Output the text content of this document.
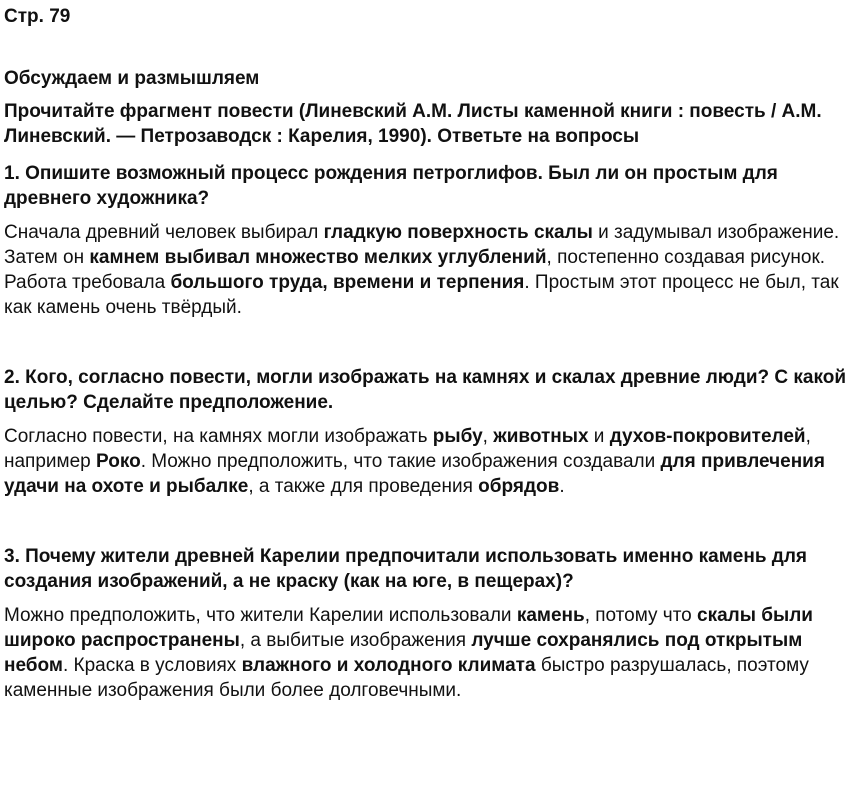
Стр. 79
Обсуждаем и размышляем
Прочитайте фрагмент повести (Линевский А.М. Листы каменной книги : повесть / А.М. Линевский. — Петрозаводск : Карелия, 1990). Ответьте на вопросы
1. Опишите возможный процесс рождения петроглифов. Был ли он простым для древнего художника?

Сначала древний человек выбирал гладкую поверхность скалы и задумывал изображение. Затем он камнем выбивал множество мелких углублений, постепенно создавая рисунок. Работа требовала большого труда, времени и терпения. Простым этот процесс не был, так как камень очень твёрдый.

2. Кого, согласно повести, могли изображать на камнях и скалах древние люди? С какой целью? Сделайте предположение.

Согласно повести, на камнях могли изображать рыбу, животных и духов-покровителей, например Роко. Можно предположить, что такие изображения создавали для привлечения удачи на охоте и рыбалке, а также для проведения обрядов.

3. Почему жители древней Карелии предпочитали использовать именно камень для создания изображений, а не краску (как на юге, в пещерах)?

Можно предположить, что жители Карелии использовали камень, потому что скалы были широко распространены, а выбитые изображения лучше сохранялись под открытым небом. Краска в условиях влажного и холодного климата быстро разрушалась, поэтому каменные изображения были более долговечными.
